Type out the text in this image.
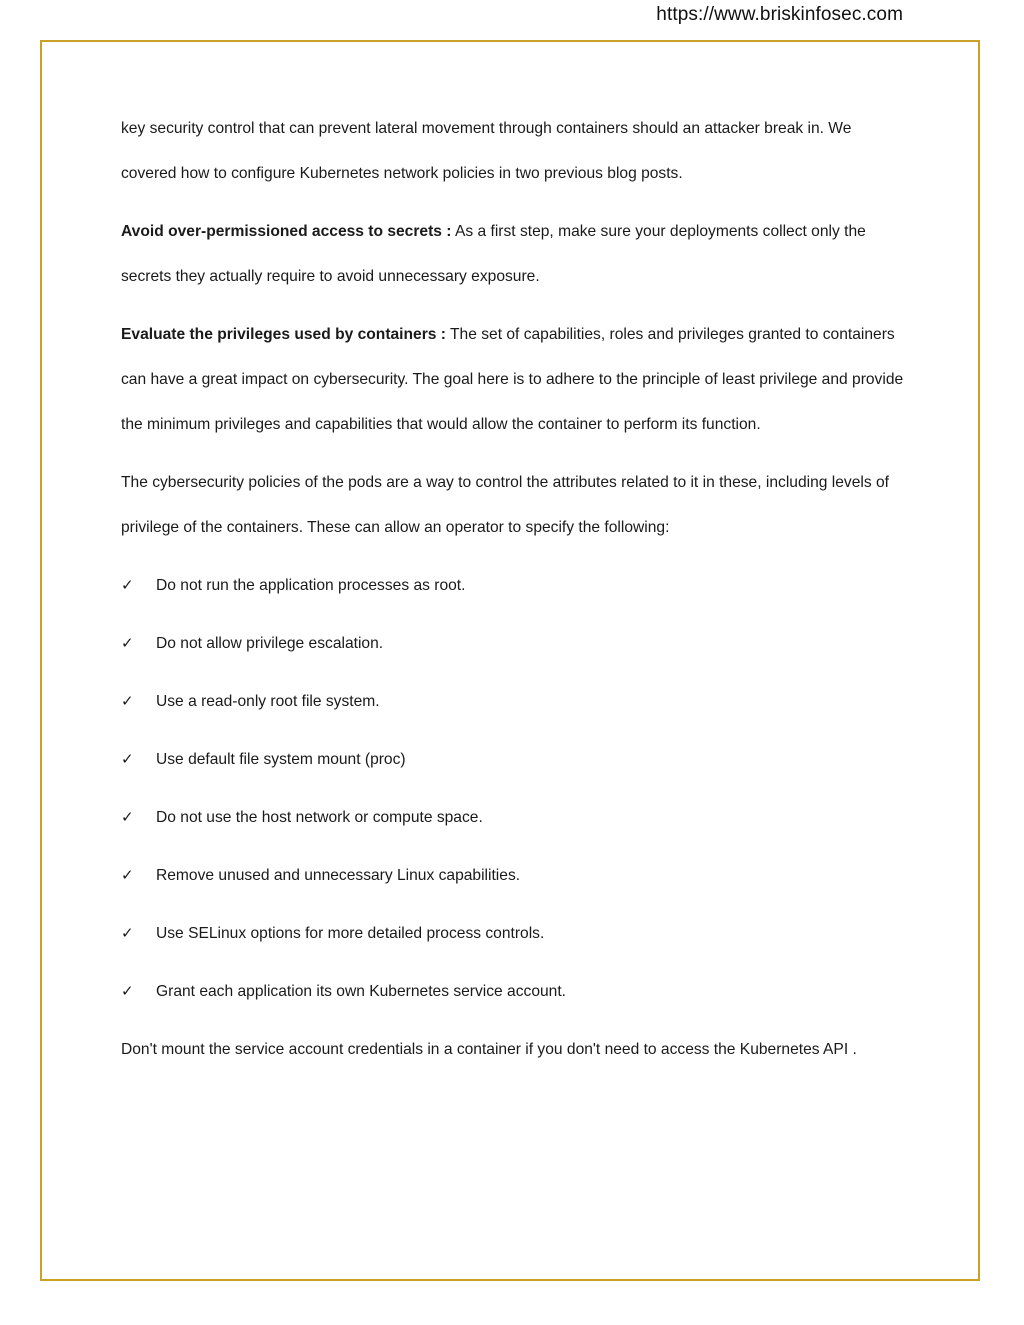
https://www.briskinfosec.com

key security control that can prevent lateral movement through containers should an attacker break in. We covered how to configure Kubernetes network policies in two previous blog posts.

Avoid over-permissioned access to secrets : As a first step, make sure your deployments collect only the secrets they actually require to avoid unnecessary exposure.

Evaluate the privileges used by containers : The set of capabilities, roles and privileges granted to containers can have a great impact on cybersecurity. The goal here is to adhere to the principle of least privilege and provide the minimum privileges and capabilities that would allow the container to perform its function.

The cybersecurity policies of the pods are a way to control the attributes related to it in these, including levels of privilege of the containers. These can allow an operator to specify the following:

✓	Do not run the application processes as root.
✓	Do not allow privilege escalation.
✓	Use a read-only root file system.
✓	Use default file system mount (proc)
✓	Do not use the host network or compute space.
✓	Remove unused and unnecessary Linux capabilities.
✓	Use SELinux options for more detailed process controls.
✓	Grant each application its own Kubernetes service account.

Don't mount the service account credentials in a container if you don't need to access the Kubernetes API .
